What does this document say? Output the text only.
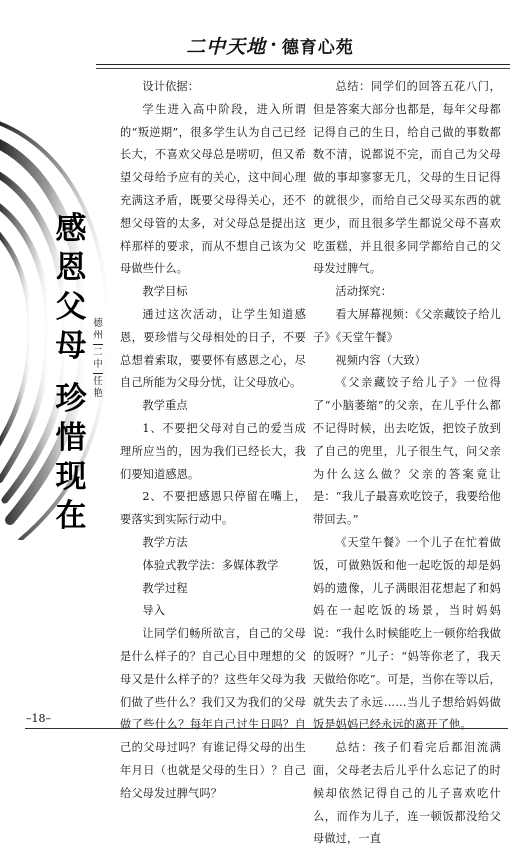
二中天地 · 德育心苑
感
恩
父
母
珍
惜
现
在
德
州
二
中
任
艳

设计依据：

学生进入高中阶段，进入所谓的“叛逆期”，很多学生认为自己已经长大，不喜欢父母总是唠叨，但又希望父母给予应有的关心，这中间心理充满这矛盾，既要父母得关心，还不想父母管的太多，对父母总是提出这样那样的要求，而从不想自己该为父母做些什么。

教学目标

通过这次活动，让学生知道感恩，要珍惜与父母相处的日子，不要总想着索取，要要怀有感恩之心，尽自己所能为父母分忧，让父母放心。

教学重点

1、不要把父母对自己的爱当成理所应当的，因为我们已经长大，我们要知道感恩。

2、不要把感恩只停留在嘴上，要落实到实际行动中。

教学方法

体验式教学法：多媒体教学

教学过程

导入

让同学们畅所欲言，自己的父母是什么样子的？自己心目中理想的父母又是什么样子的？这些年父母为我们做了些什么？我们又为我们的父母做了些什么？每年自己过生日吗？自己的父母过吗？有谁记得父母的出生年月日（也就是父母的生日）？自己给父母发过脾气吗？

总结：同学们的回答五花八门，但是答案大部分也都是，每年父母都记得自己的生日，给自己做的事数都数不清，说都说不完，而自己为父母做的事却寥寥无几，父母的生日记得的就很少，而给自己父母买东西的就更少，而且很多学生都说父母不喜欢吃蛋糕，并且很多同学都给自己的父母发过脾气。

活动探究：

看大屏幕视频：《父亲藏饺子给儿子》《天堂午餐》

视频内容（大致）

《父亲藏饺子给儿子》一位得了“小脑萎缩”的父亲，在儿乎什么都不记得时候，出去吃饭，把饺子放到了自己的兜里，儿子很生气，问父亲为什么这么做？父亲的答案竟让是：“我儿子最喜欢吃饺子，我要给他带回去。”

《天堂午餐》一个儿子在忙着做饭，可做熟饭和他一起吃饭的却是妈妈的遗像，儿子满眼泪花想起了和妈妈在一起吃饭的场景，当时妈妈说：“我什么时候能吃上一顿你给我做的饭呀？”儿子：“妈等你老了，我天天做给你吃”。可是，当你在等以后，就失去了永远……当儿子想给妈妈做饭是妈妈已经永远的离开了他。

总结：孩子们看完后都泪流满面，父母老去后儿乎什么忘记了的时候却依然记得自己的儿子喜欢吃什么，而作为儿子，连一顿饭都没给父母做过，一直

–18–
